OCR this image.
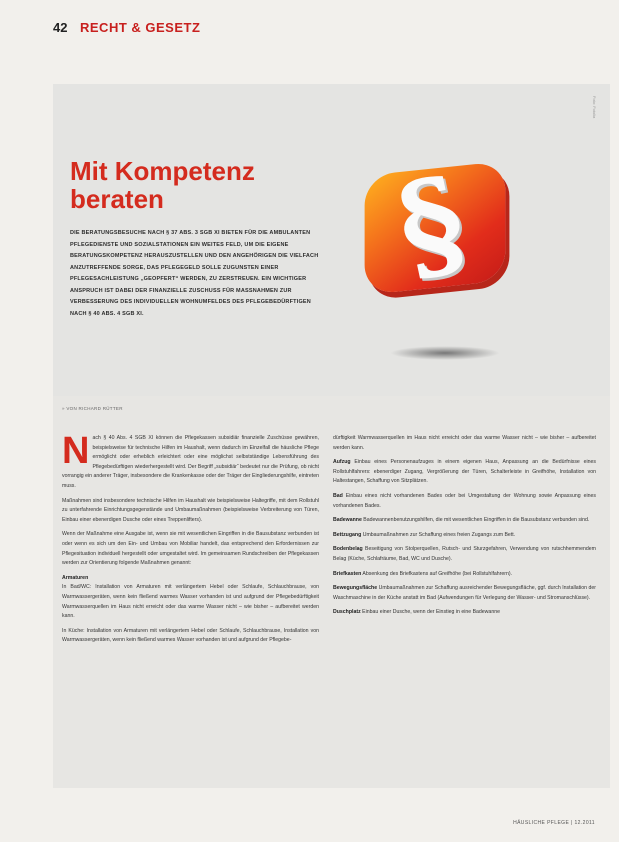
42 RECHT & GESETZ
Foto: Fotolia
Mit Kompetenz beraten
DIE BERATUNGSBESUCHE NACH § 37 ABS. 3 SGB XI BIETEN FÜR DIE AMBULANTEN PFLEGEDIENSTE UND SOZIALSTATIONEN EIN WEITES FELD, UM DIE EIGENE BERATUNGSKOMPETENZ HERAUSZUSTELLEN UND DEN ANGEHÖRIGEN DIE VIELFACH ANZUTREFFENDE SORGE, DAS PFLEGEGELD SOLLE ZUGUNSTEN EINER PFLEGESACHLEISTUNG „GEOPFERT“ WERDEN, ZU ZERSTREUEN. EIN WICHTIGER ANSPRUCH IST DABEI DER FINANZIELLE ZUSCHUSS FÜR MASSNAHMEN ZUR VERBESSERUNG DES INDIVIDUELLEN WOHNUMFELDES DES PFLEGEBEDÜRFTIGEN NACH § 40 ABS. 4 SGB XI.
§
» VON RICHARD RÜTTER

Nach § 40 Abs. 4 SGB XI können die Pflegekassen subsidiär finanzielle Zuschüsse gewähren, beispielsweise für technische Hilfen im Haushalt, wenn dadurch im Einzelfall die häusliche Pflege ermöglicht oder erheblich erleichtert oder eine möglichst selbstständige Lebensführung des Pflegebedürftigen wiederhergestellt wird. Der Begriff „subsidiär“ bedeutet nur die Prüfung, ob nicht vorrangig ein anderer Träger, insbesondere die Krankenkasse oder der Träger der Eingliederungshilfe, eintreten muss.

Maßnahmen sind insbesondere technische Hilfen im Haushalt wie beispielsweise Haltegriffe, mit dem Rollstuhl zu unterfahrende Einrichtungsgegenstände und Umbaumaßnahmen (beispielsweise Verbreiterung von Türen, Einbau einer ebenerdigen Dusche oder eines Treppenlifters).

Wenn der Maßnahme eine Ausgabe ist, wenn sie mit wesentlichen Eingriffen in die Bausubstanz verbunden ist oder wenn es sich um den Ein- und Umbau von Mobiliar handelt, das entsprechend den Erfordernissen zur Pflegesituation individuell hergestellt oder umgestaltet wird. Im gemeinsamen Rundschreiben der Pflegekassen werden zur Orientierung folgende Maßnahmen genannt:

Armaturen
In Bad/WC: Installation von Armaturen mit verlängertem Hebel oder Schlaufe, Schlauchbrause, von Warmwassergeräten, wenn kein fließend warmes Wasser vorhanden ist und aufgrund der Pflegebedürftigkeit Warmwasserquellen im Haus nicht erreicht oder das warme Wasser nicht – wie bisher – aufbereitet werden kann.

In Küche: Installation von Armaturen mit verlängertem Hebel oder Schlaufe, Schlauchbrause, Installation von Warmwassergeräten, wenn kein fließend warmes Wasser vorhanden ist und aufgrund der Pflegebe-

dürftigkeit Warmwasserquellen im Haus nicht erreicht oder das warme Wasser nicht – wie bisher – aufbereitet werden kann.

Aufzug Einbau eines Personenaufzuges in einem eigenen Haus, Anpassung an die Bedürfnisse eines Rollstuhlfahrers: ebenerdiger Zugang, Vergrößerung der Türen, Schalterleiste in Greifhöhe, Installation von Haltestangen, Schaffung von Sitzplätzen.

Bad Einbau eines nicht vorhandenen Bades oder bei Umgestaltung der Wohnung sowie Anpassung eines vorhandenen Bades.

Badewanne Badewannenbenutzungshilfen, die mit wesentlichen Eingriffen in die Bausubstanz verbunden sind.

Bettzugang Umbaumaßnahmen zur Schaffung eines freien Zugangs zum Bett.

Bodenbelag Beseitigung von Stolperquellen, Rutsch- und Sturzgefahren, Verwendung von rutschhemmendem Belag (Küche, Schlafräume, Bad, WC und Dusche).

Briefkasten Absenkung des Briefkastens auf Greifhöhe (bei Rollstuhlfahrern).

Bewegungsfläche Umbaumaßnahmen zur Schaffung ausreichender Bewegungsfläche, ggf. durch Installation der Waschmaschine in der Küche anstatt im Bad (Aufwendungen für Verlegung der Wasser- und Stromanschlüsse).

Duschplatz Einbau einer Dusche, wenn der Einstieg in eine Badewanne

HÄUSLICHE PFLEGE | 12.2011
